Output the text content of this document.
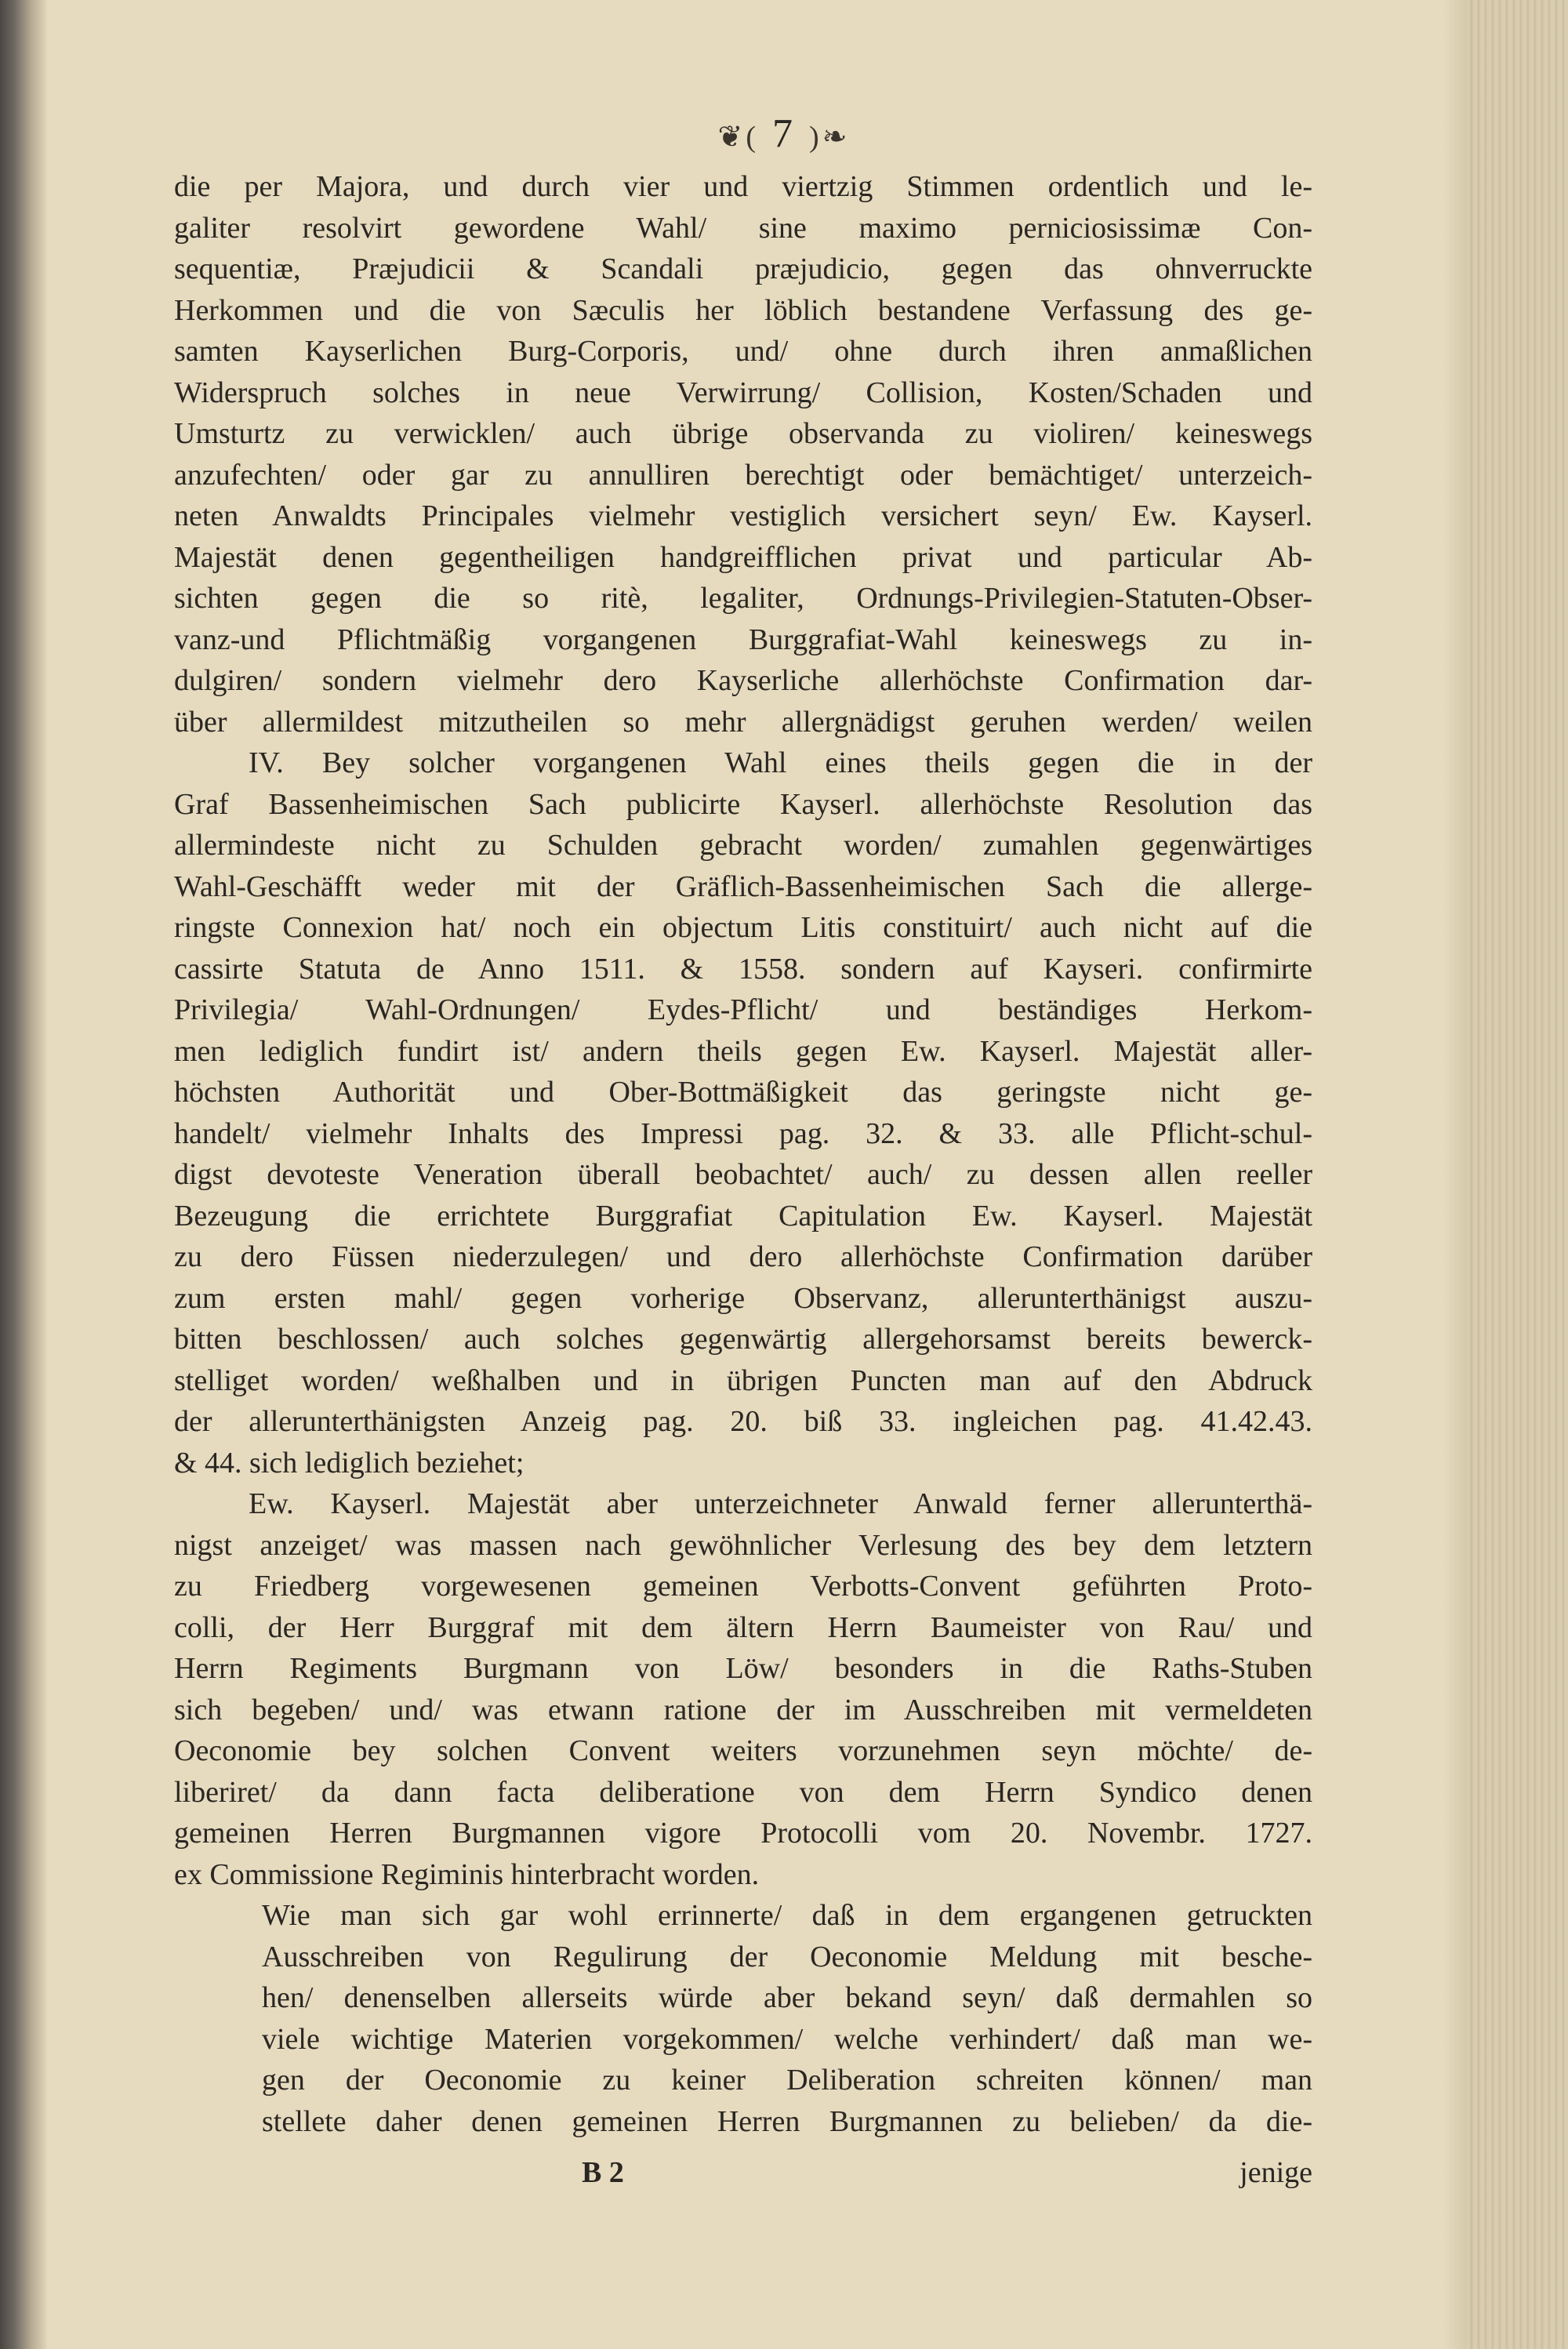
❦( 7 )❧
die per Majora, und durch vier und viertzig Stimmen ordentlich und le-
galiter resolvirt gewordene Wahl/ sine maximo perniciosissimæ Con-
sequentiæ, Præjudicii & Scandali præjudicio, gegen das ohnverruckte
Herkommen und die von Sæculis her löblich bestandene Verfassung des ge-
samten Kayserlichen Burg-Corporis, und/ ohne durch ihren anmaßlichen
Widerspruch solches in neue Verwirrung/ Collision, Kosten/Schaden und
Umsturtz zu verwicklen/ auch übrige observanda zu violiren/ keineswegs
anzufechten/ oder gar zu annulliren berechtigt oder bemächtiget/ unterzeich-
neten Anwaldts Principales vielmehr vestiglich versichert seyn/ Ew. Kayserl.
Majestät denen gegentheiligen handgreifflichen privat und particular Ab-
sichten gegen die so ritè, legaliter, Ordnungs-Privilegien-Statuten-Obser-
vanz-und Pflichtmäßig vorgangenen Burggrafiat-Wahl keineswegs zu in-
dulgiren/ sondern vielmehr dero Kayserliche allerhöchste Confirmation dar-
über allermildest mitzutheilen so mehr allergnädigst geruhen werden/ weilen
IV. Bey solcher vorgangenen Wahl eines theils gegen die in der
Graf Bassenheimischen Sach publicirte Kayserl. allerhöchste Resolution das
allermindeste nicht zu Schulden gebracht worden/ zumahlen gegenwärtiges
Wahl-Geschäfft weder mit der Gräflich-Bassenheimischen Sach die allerge-
ringste Connexion hat/ noch ein objectum Litis constituirt/ auch nicht auf die
cassirte Statuta de Anno 1511. & 1558. sondern auf Kayseri. confirmirte
Privilegia/ Wahl-Ordnungen/ Eydes-Pflicht/ und beständiges Herkom-
men lediglich fundirt ist/ andern theils gegen Ew. Kayserl. Majestät aller-
höchsten Authorität und Ober-Bottmäßigkeit das geringste nicht ge-
handelt/ vielmehr Inhalts des Impressi pag. 32. & 33. alle Pflicht-schul-
digst devoteste Veneration überall beobachtet/ auch/ zu dessen allen reeller
Bezeugung die errichtete Burggrafiat Capitulation Ew. Kayserl. Majestät
zu dero Füssen niederzulegen/ und dero allerhöchste Confirmation darüber
zum ersten mahl/ gegen vorherige Observanz, allerunterthänigst auszu-
bitten beschlossen/ auch solches gegenwärtig allergehorsamst bereits bewerck-
stelliget worden/ weßhalben und in übrigen Puncten man auf den Abdruck
der allerunterthänigsten Anzeig pag. 20. biß 33. ingleichen pag. 41.42.43.
& 44. sich lediglich beziehet;
Ew. Kayserl. Majestät aber unterzeichneter Anwald ferner allerunterthä-
nigst anzeiget/ was massen nach gewöhnlicher Verlesung des bey dem letztern
zu Friedberg vorgewesenen gemeinen Verbotts-Convent geführten Proto-
colli, der Herr Burggraf mit dem ältern Herrn Baumeister von Rau/ und
Herrn Regiments Burgmann von Löw/ besonders in die Raths-Stuben
sich begeben/ und/ was etwann ratione der im Ausschreiben mit vermeldeten
Oeconomie bey solchen Convent weiters vorzunehmen seyn möchte/ de-
liberiret/ da dann facta deliberatione von dem Herrn Syndico denen
gemeinen Herren Burgmannen vigore Protocolli vom 20. Novembr. 1727.
ex Commissione Regiminis hinterbracht worden.
Wie man sich gar wohl errinnerte/ daß in dem ergangenen getruckten
Ausschreiben von Regulirung der Oeconomie Meldung mit besche-
hen/ denenselben allerseits würde aber bekand seyn/ daß dermahlen so
viele wichtige Materien vorgekommen/ welche verhindert/ daß man we-
gen der Oeconomie zu keiner Deliberation schreiten können/ man
stellete daher denen gemeinen Herren Burgmannen zu belieben/ da die-
B 2	jenige
